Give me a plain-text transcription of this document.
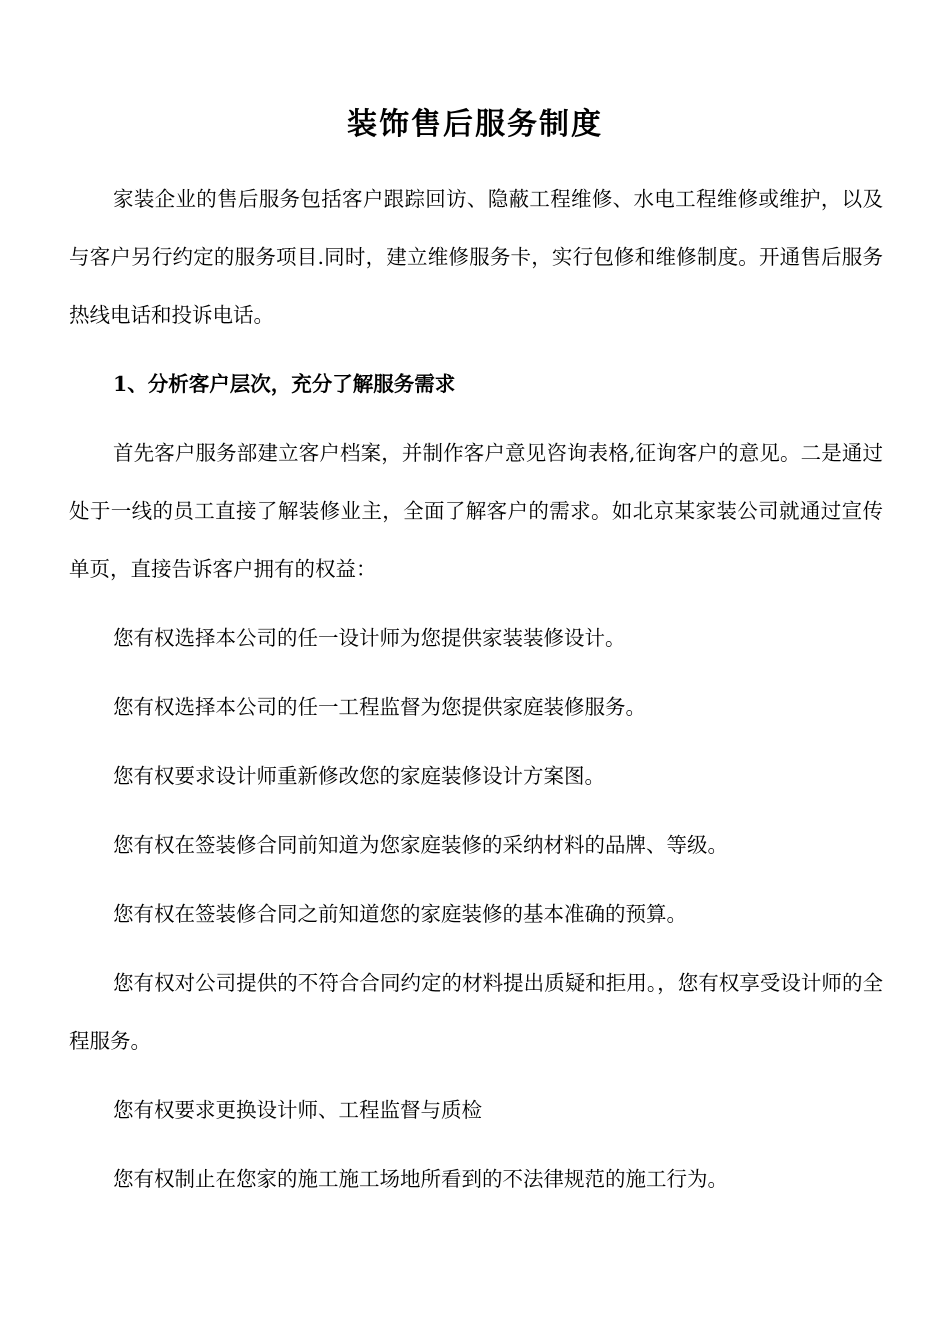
装饰售后服务制度

家装企业的售后服务包括客户跟踪回访、隐蔽工程维修、水电工程维修或维护，以及与客户另行约定的服务项目.同时，建立维修服务卡，实行包修和维修制度。开通售后服务热线电话和投诉电话。

1、分析客户层次，充分了解服务需求

首先客户服务部建立客户档案，并制作客户意见咨询表格,征询客户的意见。二是通过处于一线的员工直接了解装修业主，全面了解客户的需求。如北京某家装公司就通过宣传单页，直接告诉客户拥有的权益：

您有权选择本公司的任一设计师为您提供家装装修设计。

您有权选择本公司的任一工程监督为您提供家庭装修服务。

您有权要求设计师重新修改您的家庭装修设计方案图。

您有权在签装修合同前知道为您家庭装修的采纳材料的品牌、等级。

您有权在签装修合同之前知道您的家庭装修的基本准确的预算。

您有权对公司提供的不符合合同约定的材料提出质疑和拒用。，您有权享受设计师的全程服务。

您有权要求更换设计师、工程监督与质检

您有权制止在您家的施工施工场地所看到的不法律规范的施工行为。
